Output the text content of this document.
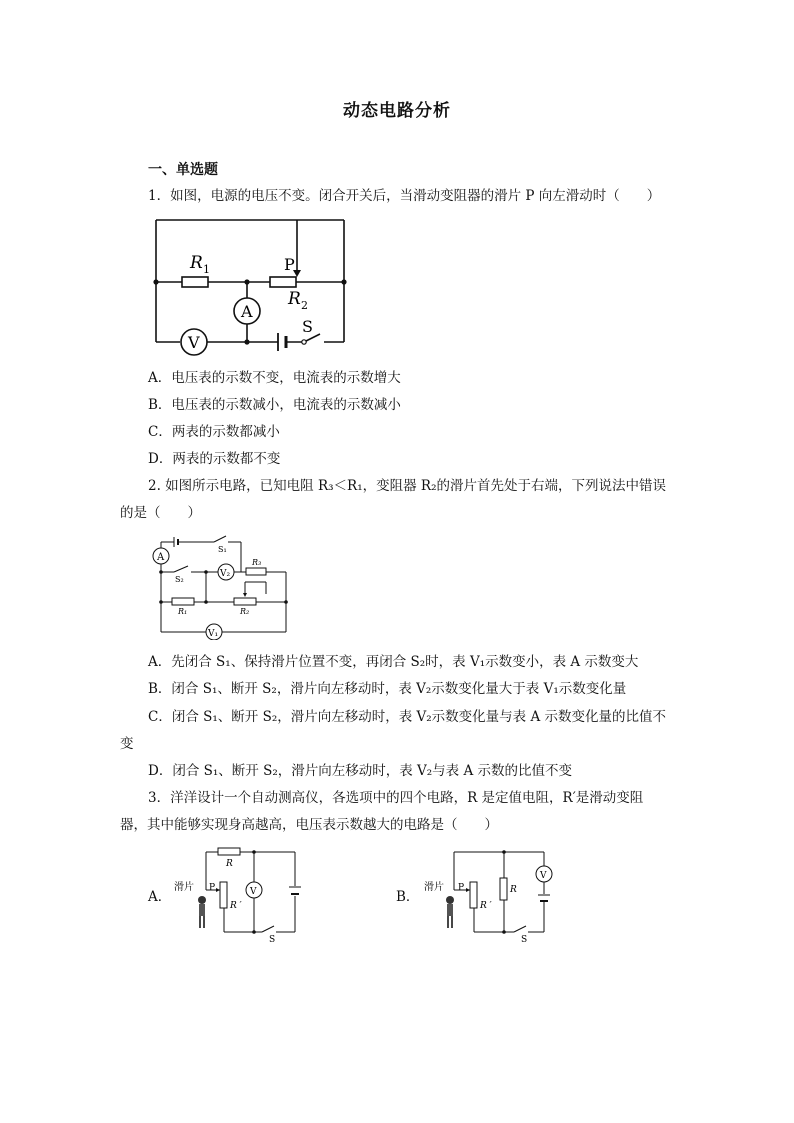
动态电路分析
一、单选题
1．如图，电源的电压不变。闭合开关后，当滑动变阻器的滑片 P 向左滑动时（　　）
R 1	P
R 2
A
V
S
A．电压表的示数不变，电流表的示数增大
B．电压表的示数减小，电流表的示数减小
C．两表的示数都减小
D．两表的示数都不变
2. 如图所示电路，已知电阻 R₃＜R₁，变阻器 R₂的滑片首先处于右端，下列说法中错误
的是（　　）
A
S₁
S₂
V₂
R₃
R₁	R₂
V₁
A．先闭合 S₁、保持滑片位置不变，再闭合 S₂时，表 V₁示数变小，表 A 示数变大
B．闭合 S₁、断开 S₂，滑片向左移动时，表 V₂示数变化量大于表 V₁示数变化量
C．闭合 S₁、断开 S₂，滑片向左移动时，表 V₂示数变化量与表 A 示数变化量的比值不
变
D．闭合 S₁、断开 S₂，滑片向左移动时，表 V₂与表 A 示数的比值不变
3．洋洋设计一个自动测高仪，各选项中的四个电路，R 是定值电阻，R′是滑动变阻
器，其中能够实现身高越高，电压表示数越大的电路是（　　）
A．
R
滑片 P
R ′
V
S
B．
滑片 P
R ′
R
V
S
